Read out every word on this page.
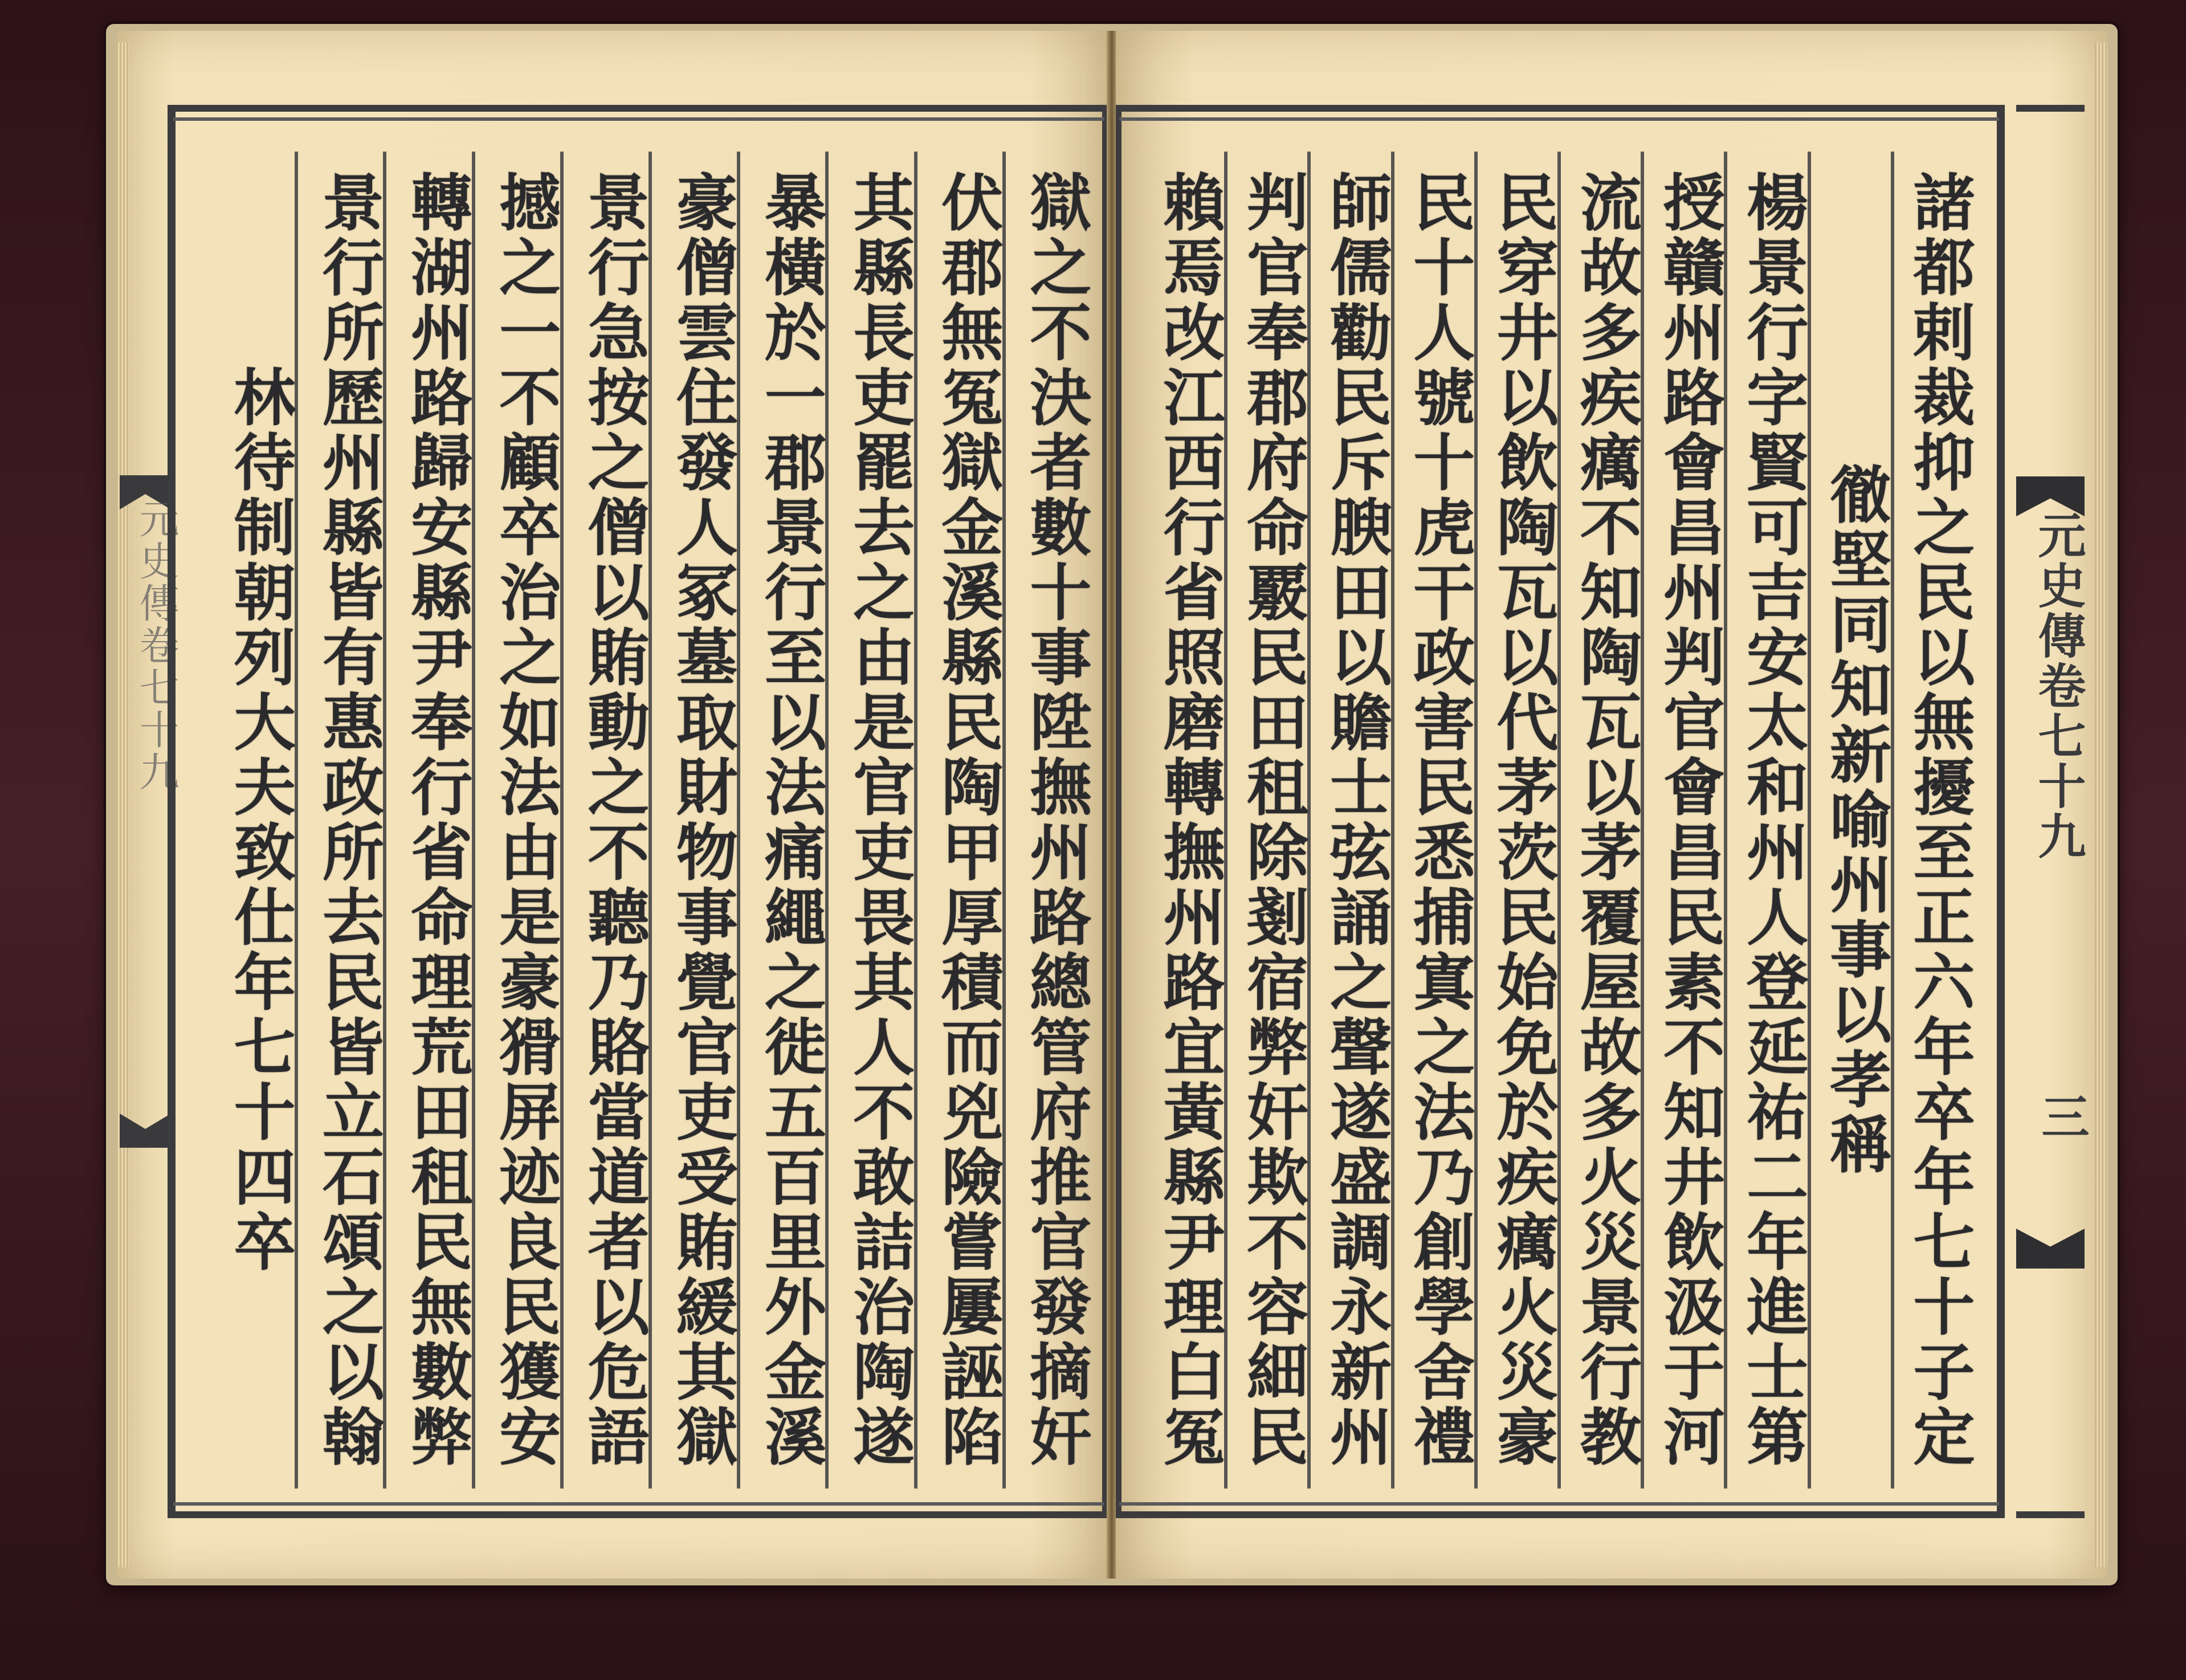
元史傳卷七十九	獄之不決者數十事陞撫州路總管府推官發摘奸
伏郡無冤獄金溪縣民陶甲厚積而兇險嘗屢誣陷
其縣長吏罷去之由是官吏畏其人不敢詰治陶遂
暴橫於一郡景行至以法痛繩之徙五百里外金溪
豪僧雲住發人冢墓取財物事覺官吏受賄緩其獄
景行急按之僧以賄動之不聽乃賂當道者以危語
撼之一不顧卒治之如法由是豪猾屏迹良民獲安
轉湖州路歸安縣尹奉行省命理荒田租民無數弊
景行所歷州縣皆有惠政所去民皆立石頌之以翰
林待制朝列大夫致仕年七十四卒	諸都剌裁抑之民以無擾至正六年卒年七十子定
徹堅同知新喻州事以孝稱
楊景行字賢可吉安太和州人登延祐二年進士第
授贛州路會昌州判官會昌民素不知井飲汲于河
流故多疾癘不知陶瓦以茅覆屋故多火災景行教
民穿井以飲陶瓦以代茅茨民始免於疾癘火災豪
民十人號十虎干政害民悉捕寘之法乃創學舍禮
師儒勸民斥腴田以贍士弦誦之聲遂盛調永新州
判官奉郡府命覈民田租除剗宿弊奸欺不容細民
賴焉改江西行省照磨轉撫州路宜黃縣尹理白冤	元史傳卷七十九
三
